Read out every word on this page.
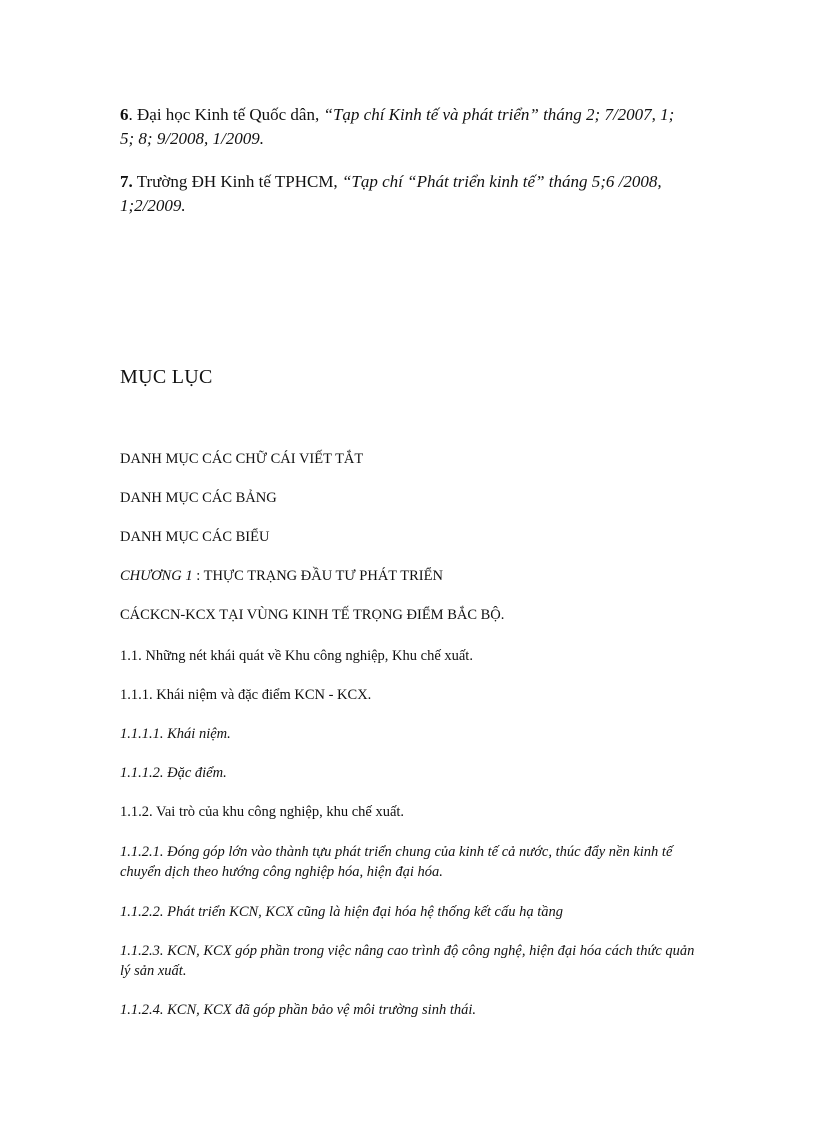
6. Đại học Kinh tế Quốc dân, “Tạp chí Kinh tế và phát triển” tháng 2; 7/2007, 1; 5; 8; 9/2008, 1/2009.
7. Trường ĐH Kinh tế TPHCM, “Tạp chí “Phát triển kinh tế” tháng 5;6 /2008, 1;2/2009.
MỤC LỤC
DANH MỤC CÁC CHỮ CÁI VIẾT TẮT
DANH MỤC CÁC BẢNG
DANH MỤC CÁC BIỂU
CHƯƠNG 1 : THỰC TRẠNG ĐẦU TƯ PHÁT TRIỂN
CÁCKCN-KCX TẠI VÙNG KINH TẾ TRỌNG ĐIỂM BẮC BỘ.
1.1. Những nét khái quát về Khu công nghiệp, Khu chế xuất.
1.1.1. Khái niệm và đặc điểm KCN - KCX.
1.1.1.1. Khái niệm.
1.1.1.2. Đặc điểm.
1.1.2. Vai trò của khu công nghiệp, khu chế xuất.
1.1.2.1. Đóng góp lớn vào thành tựu phát triển chung của kinh tế cả nước, thúc đẩy nền kinh tế chuyển dịch theo hướng công nghiệp hóa, hiện đại hóa.
1.1.2.2. Phát triển KCN, KCX cũng là hiện đại hóa hệ thống kết cấu hạ tầng
1.1.2.3. KCN, KCX góp phần trong việc nâng cao trình độ công nghệ, hiện đại hóa cách thức quản lý sản xuất.
1.1.2.4. KCN, KCX đã góp phần bảo vệ môi trường sinh thái.
